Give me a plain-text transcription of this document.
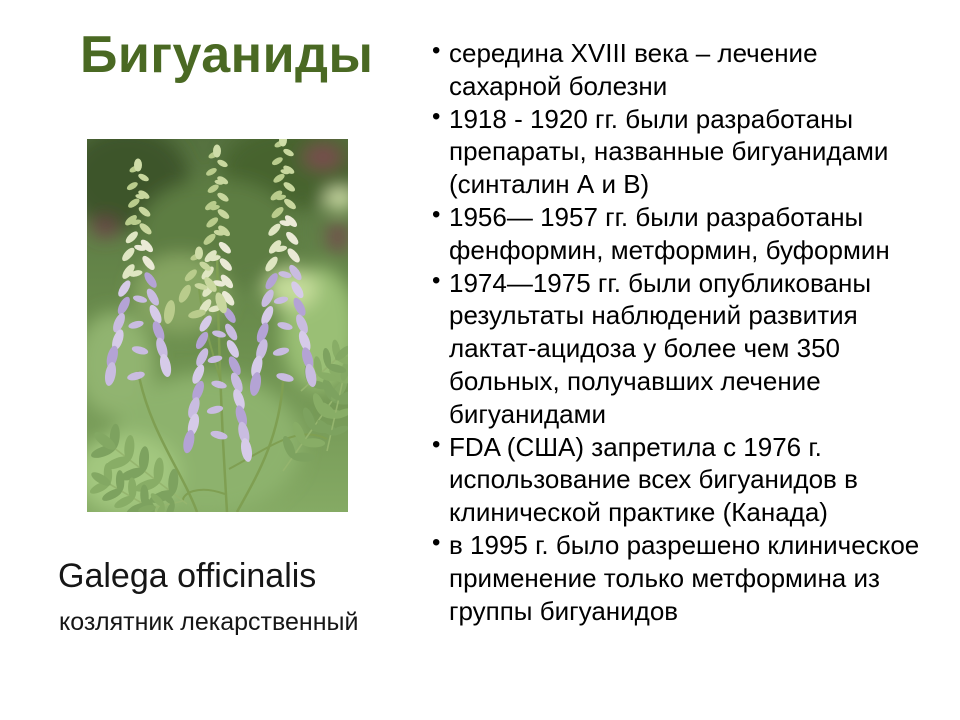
Бигуаниды
Galega officinalis
козлятник лекарственный
• середина XVIII века – лечение сахарной болезни
• 1918 - 1920 гг. были разработаны препараты, названные бигуанидами (синталин А и В)
• 1956— 1957 гг. были разработаны фенформин, метформин, буформин
• 1974—1975 гг. были опубликованы результаты наблюдений развития лактат-ацидоза у более чем 350 больных, получавших лечение бигуанидами
• FDA (США) запретила с 1976 г. использование всех бигуанидов в клинической практике (Канада)
• в 1995 г. было разрешено клиническое применение только метформина из группы бигуанидов
